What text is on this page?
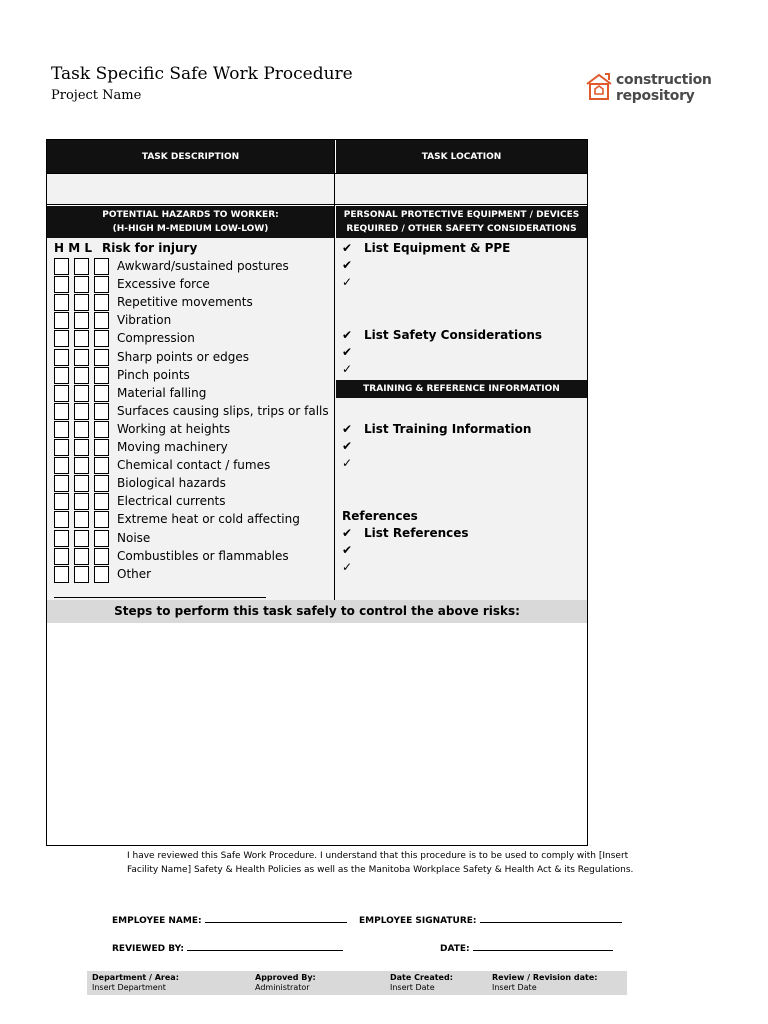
Task Specific Safe Work Procedure
Project Name
construction
repository
TASK DESCRIPTION	TASK LOCATION
POTENTIAL HAZARDS TO WORKER:
(H-HIGH M-MEDIUM LOW-LOW)
PERSONAL PROTECTIVE EQUIPMENT / DEVICES
REQUIRED / OTHER SAFETY CONSIDERATIONS
H M L Risk for injury
Awkward/sustained postures
Excessive force
Repetitive movements
Vibration
Compression
Sharp points or edges
Pinch points
Material falling
Surfaces causing slips, trips or falls
Working at heights
Moving machinery
Chemical contact / fumes
Biological hazards
Electrical currents
Extreme heat or cold affecting
Noise
Combustibles or flammables
Other
✔ List Equipment & PPE
✔
✓
✔ List Safety Considerations
✔
✓
TRAINING & REFERENCE INFORMATION
✔ List Training Information
✔
✓
References
✔ List References
✔
✓
Steps to perform this task safely to control the above risks:
I have reviewed this Safe Work Procedure. I understand that this procedure is to be used to comply with [Insert Facility Name] Safety & Health Policies as well as the Manitoba Workplace Safety & Health Act & its Regulations.
EMPLOYEE NAME:	EMPLOYEE SIGNATURE:
REVIEWED BY:	DATE:
Department / Area:
Insert Department
Approved By:
Administrator
Date Created:
Insert Date
Review / Revision date:
Insert Date
